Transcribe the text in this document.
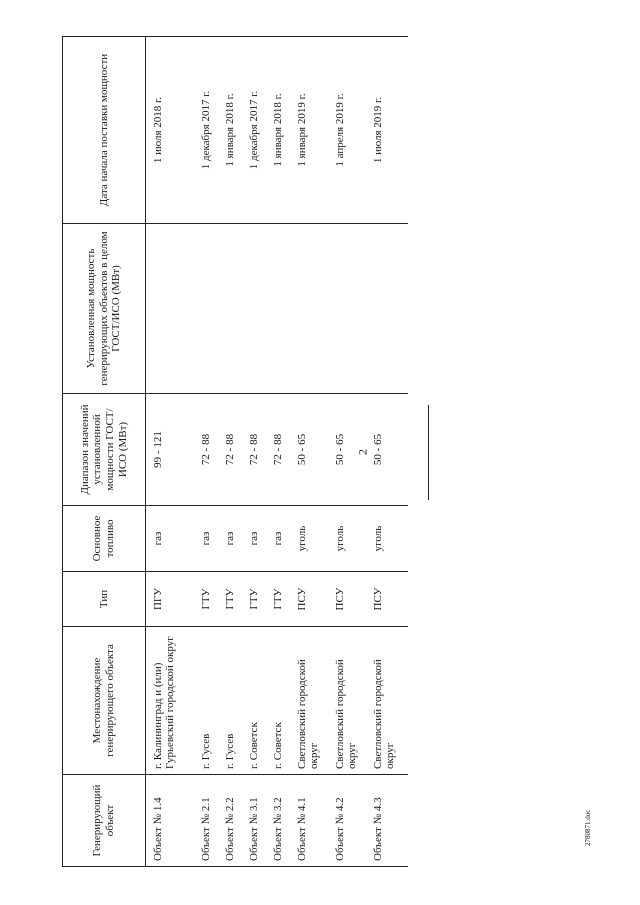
2
Генерирующий объект	Местонахождение генерирующего объекта	Тип	Основное топливо	Диапазон значений установленной мощности ГОСТ/ИСО (МВт)	Установленная мощность генерирующих объектов в целом ГОСТ/ИСО (МВт)	Дата начала поставки мощности
Объект № 1.4	г. Калининград и (или) Гурьевский городской округ	ПГУ	газ	99 - 121		1 июля 2018 г.
Объект № 2.1	г. Гусев	ГТУ	газ	72 - 88		1 декабря 2017 г.
Объект № 2.2	г. Гусев	ГТУ	газ	72 - 88		1 января 2018 г.
Объект № 3.1	г. Советск	ГТУ	газ	72 - 88		1 декабря 2017 г.
Объект № 3.2	г. Советск	ГТУ	газ	72 - 88		1 января 2018 г.
Объект № 4.1	Светловский городской округ	ПСУ	уголь	50 - 65		1 января 2019 г.
Объект № 4.2	Светловский городской округ	ПСУ	уголь	50 - 65		1 апреля 2019 г.
Объект № 4.3	Светловский городской округ	ПСУ	уголь	50 - 65		1 июля 2019 г.
2780871.doc
